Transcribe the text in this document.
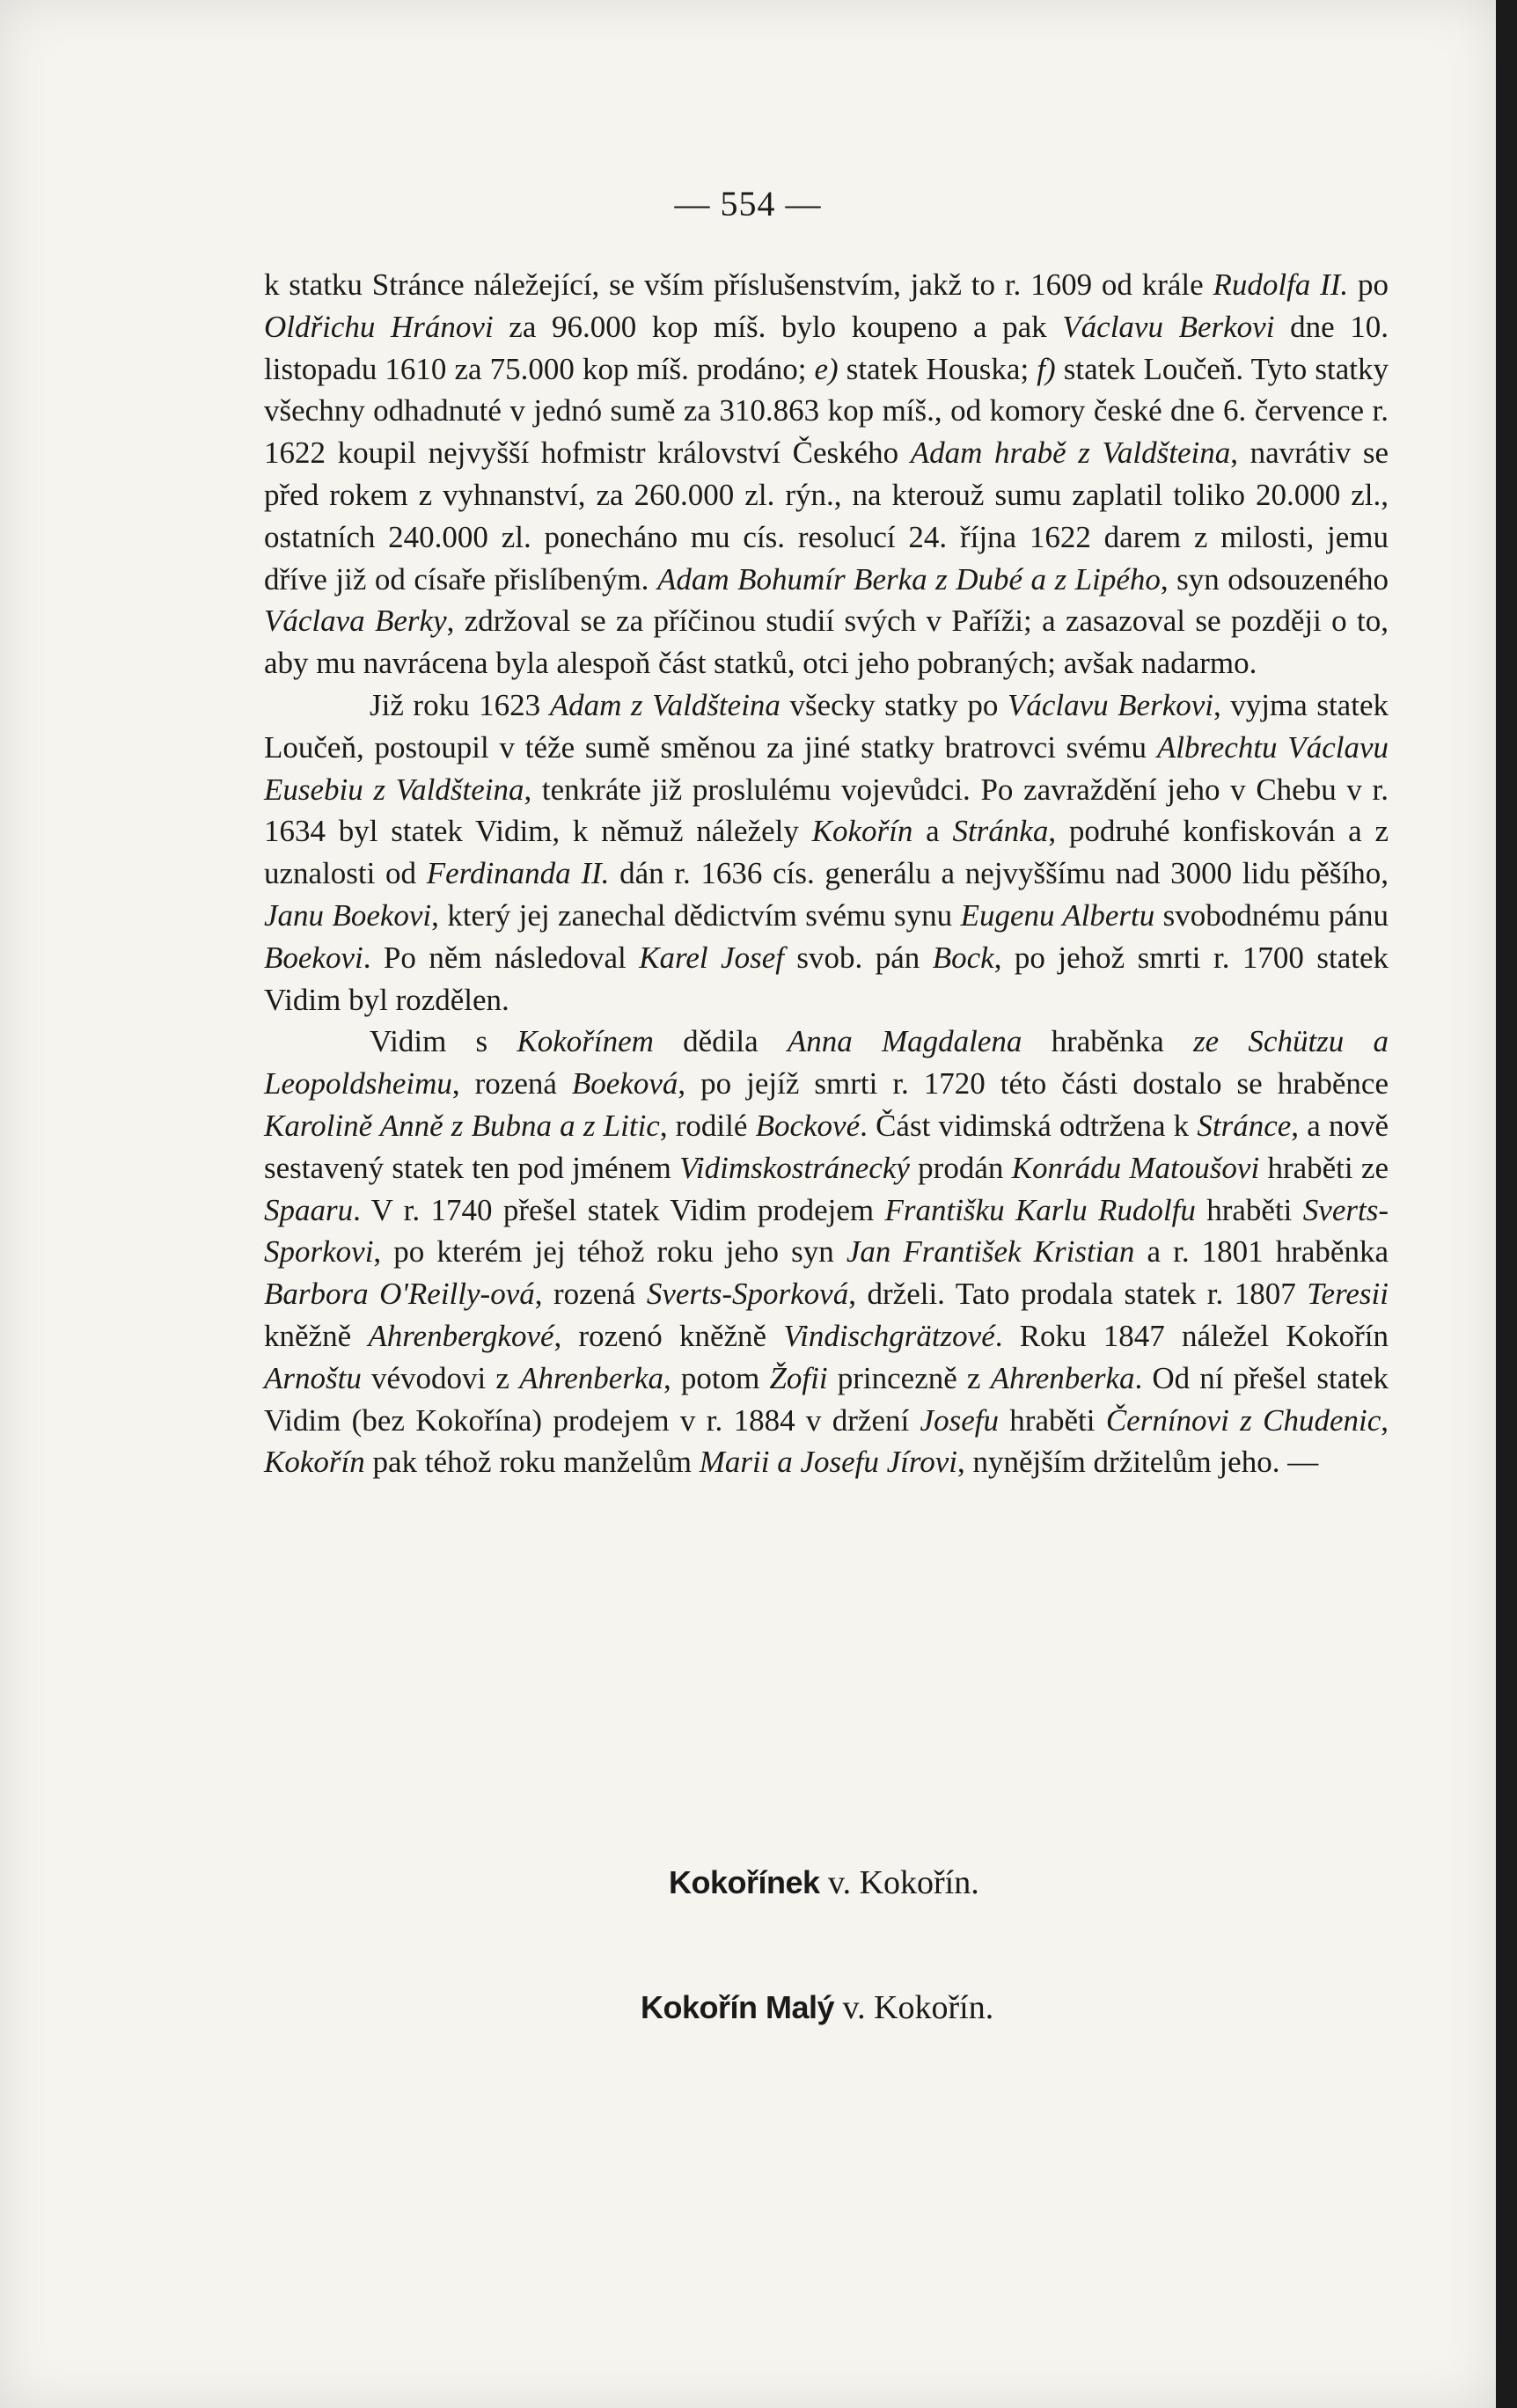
— 554 —

k statku Stránce náležející, se vším příslušenstvím, jakž to r. 1609 od krále Rudolfa II. po Oldřichu Hránovi za 96.000 kop míš. bylo koupeno a pak Václavu Berkovi dne 10. listopadu 1610 za 75.000 kop míš. prodáno; e) statek Houska; f) statek Loučeň. Tyto statky všechny odhadnuté v jednó sumě za 310.863 kop míš., od komory české dne 6. července r. 1622 koupil nejvyšší hofmistr království Českého Adam hrabě z Valdšteina, navrátiv se před rokem z vyhnanství, za 260.000 zl. rýn., na kterouž sumu zaplatil toliko 20.000 zl., ostatních 240.000 zl. ponecháno mu cís. resolucí 24. října 1622 darem z milosti, jemu dříve již od císaře přislíbeným. Adam Bohumír Berka z Dubé a z Lipého, syn odsouzeného Václava Berky, zdržoval se za příčinou studií svých v Paříži; a zasazoval se později o to, aby mu navrácena byla alespoň část statků, otci jeho pobraných; avšak nadarmo.

Již roku 1623 Adam z Valdšteina všecky statky po Václavu Berkovi, vyjma statek Loučeň, postoupil v téže sumě směnou za jiné statky bratrovci svému Albrechtu Václavu Eusebiu z Valdšteina, tenkráte již proslulému vojevůdci. Po zavraždění jeho v Chebu v r. 1634 byl statek Vidim, k němuž náležely Kokořín a Stránka, podruhé konfiskován a z uznalosti od Ferdinanda II. dán r. 1636 cís. generálu a nejvyššímu nad 3000 lidu pěšího, Janu Boekovi, který jej zanechal dědictvím svému synu Eugenu Albertu svobodnému pánu Boekovi. Po něm následoval Karel Josef svob. pán Bock, po jehož smrti r. 1700 statek Vidim byl rozdělen.

Vidim s Kokořínem dědila Anna Magdalena hraběnka ze Schützu a Leopoldsheimu, rozená Boeková, po jejíž smrti r. 1720 této části dostalo se hraběnce Karolině Anně z Bubna a z Litic, rodilé Bockové. Část vidimská odtržena k Stránce, a nově sestavený statek ten pod jménem Vidimskostránecký prodán Konrádu Matoušovi hraběti ze Spaaru. V r. 1740 přešel statek Vidim prodejem Františku Karlu Rudolfu hraběti Sverts-Sporkovi, po kterém jej téhož roku jeho syn Jan František Kristian a r. 1801 hraběnka Barbora O'Reilly-ová, rozená Sverts-Sporková, drželi. Tato prodala statek r. 1807 Teresii kněžně Ahrenbergkové, rozenó kněžně Vindischgrätzové. Roku 1847 náležel Kokořín Arnoštu vévodovi z Ahrenberka, potom Žofii princezně z Ahrenberka. Od ní přešel statek Vidim (bez Kokořína) prodejem v r. 1884 v držení Josefu hraběti Černínovi z Chudenic, Kokořín pak téhož roku manželům Marii a Josefu Jírovi, nynějším držitelům jeho. —

Kokořínek v. Kokořín.
Kokořín Malý v. Kokořín.
